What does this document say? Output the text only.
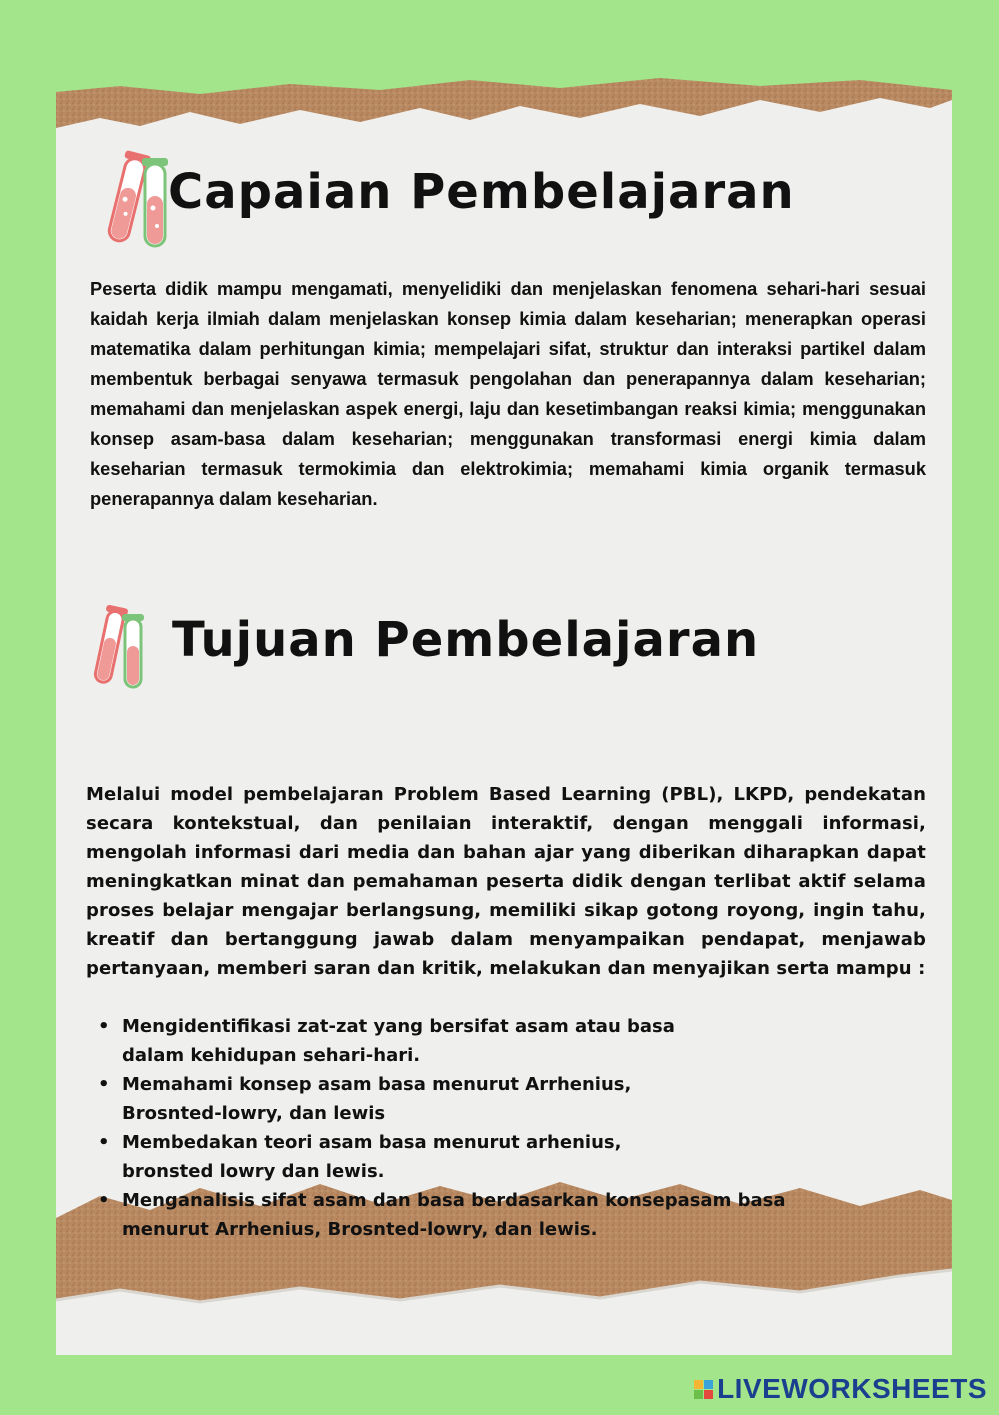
Capaian Pembelajaran

Peserta didik mampu mengamati, menyelidiki dan menjelaskan fenomena sehari-hari sesuai kaidah kerja ilmiah dalam menjelaskan konsep kimia dalam keseharian; menerapkan operasi matematika dalam perhitungan kimia; mempelajari sifat, struktur dan interaksi partikel dalam membentuk berbagai senyawa termasuk pengolahan dan penerapannya dalam keseharian; memahami dan menjelaskan aspek energi, laju dan kesetimbangan reaksi kimia; menggunakan konsep asam-basa dalam keseharian; menggunakan transformasi energi kimia dalam keseharian termasuk termokimia dan elektrokimia; memahami kimia organik termasuk penerapannya dalam keseharian.

Tujuan Pembelajaran

Melalui model pembelajaran Problem Based Learning (PBL), LKPD, pendekatan secara kontekstual, dan penilaian interaktif, dengan menggali informasi, mengolah informasi dari media dan bahan ajar yang diberikan diharapkan dapat meningkatkan minat dan pemahaman peserta didik dengan terlibat aktif selama proses belajar mengajar berlangsung, memiliki sikap gotong royong, ingin tahu, kreatif dan bertanggung jawab dalam menyampaikan pendapat, menjawab pertanyaan, memberi saran dan kritik, melakukan dan menyajikan serta mampu :

• Mengidentifikasi zat-zat yang bersifat asam atau basa
dalam kehidupan sehari-hari.
• Memahami konsep asam basa menurut Arrhenius,
Brosnted-lowry, dan lewis
• Membedakan teori asam basa menurut arhenius,
bronsted lowry dan lewis.
• Menganalisis sifat asam dan basa berdasarkan konsepasam basa
menurut Arrhenius, Brosnted-lowry, dan lewis.
LIVEWORKSHEETS
